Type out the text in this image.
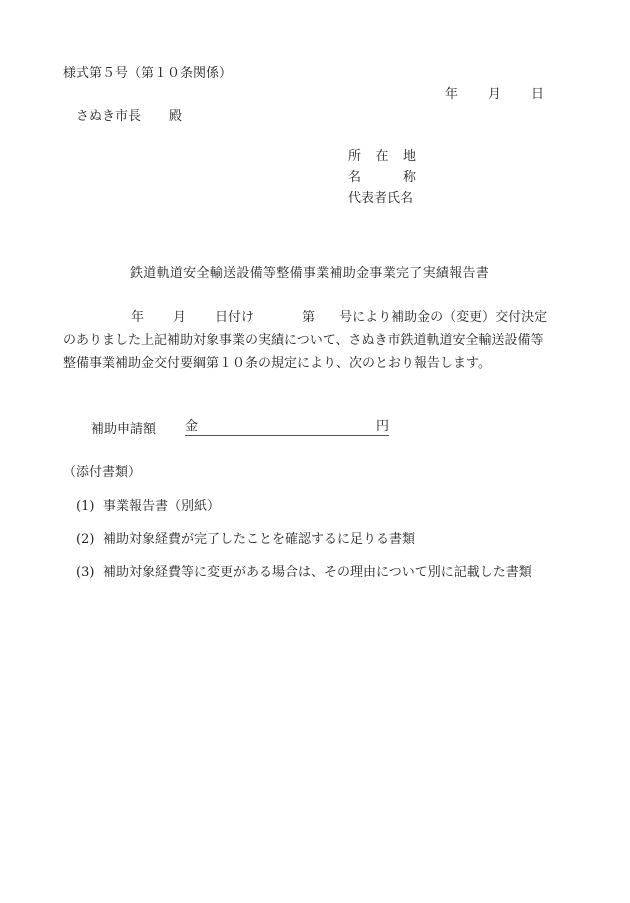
様式第５号（第１０条関係）
年 月 日
さぬき市長 殿
所 在 地
名	称
代表者氏名
鉄道軌道安全輸送設備等整備事業補助金事業完了実績報告書
年 月 日付け	第 号により補助金の（変更）交付決定
のありました上記補助対象事業の実績について、さぬき市鉄道軌道安全輸送設備等
整備事業補助金交付要綱第１０条の規定により、次のとおり報告します。
補助申請額	金	円
（添付書類）
(1) 事業報告書（別紙）
(2) 補助対象経費が完了したことを確認するに足りる書類
(3) 補助対象経費等に変更がある場合は、その理由について別に記載した書類
